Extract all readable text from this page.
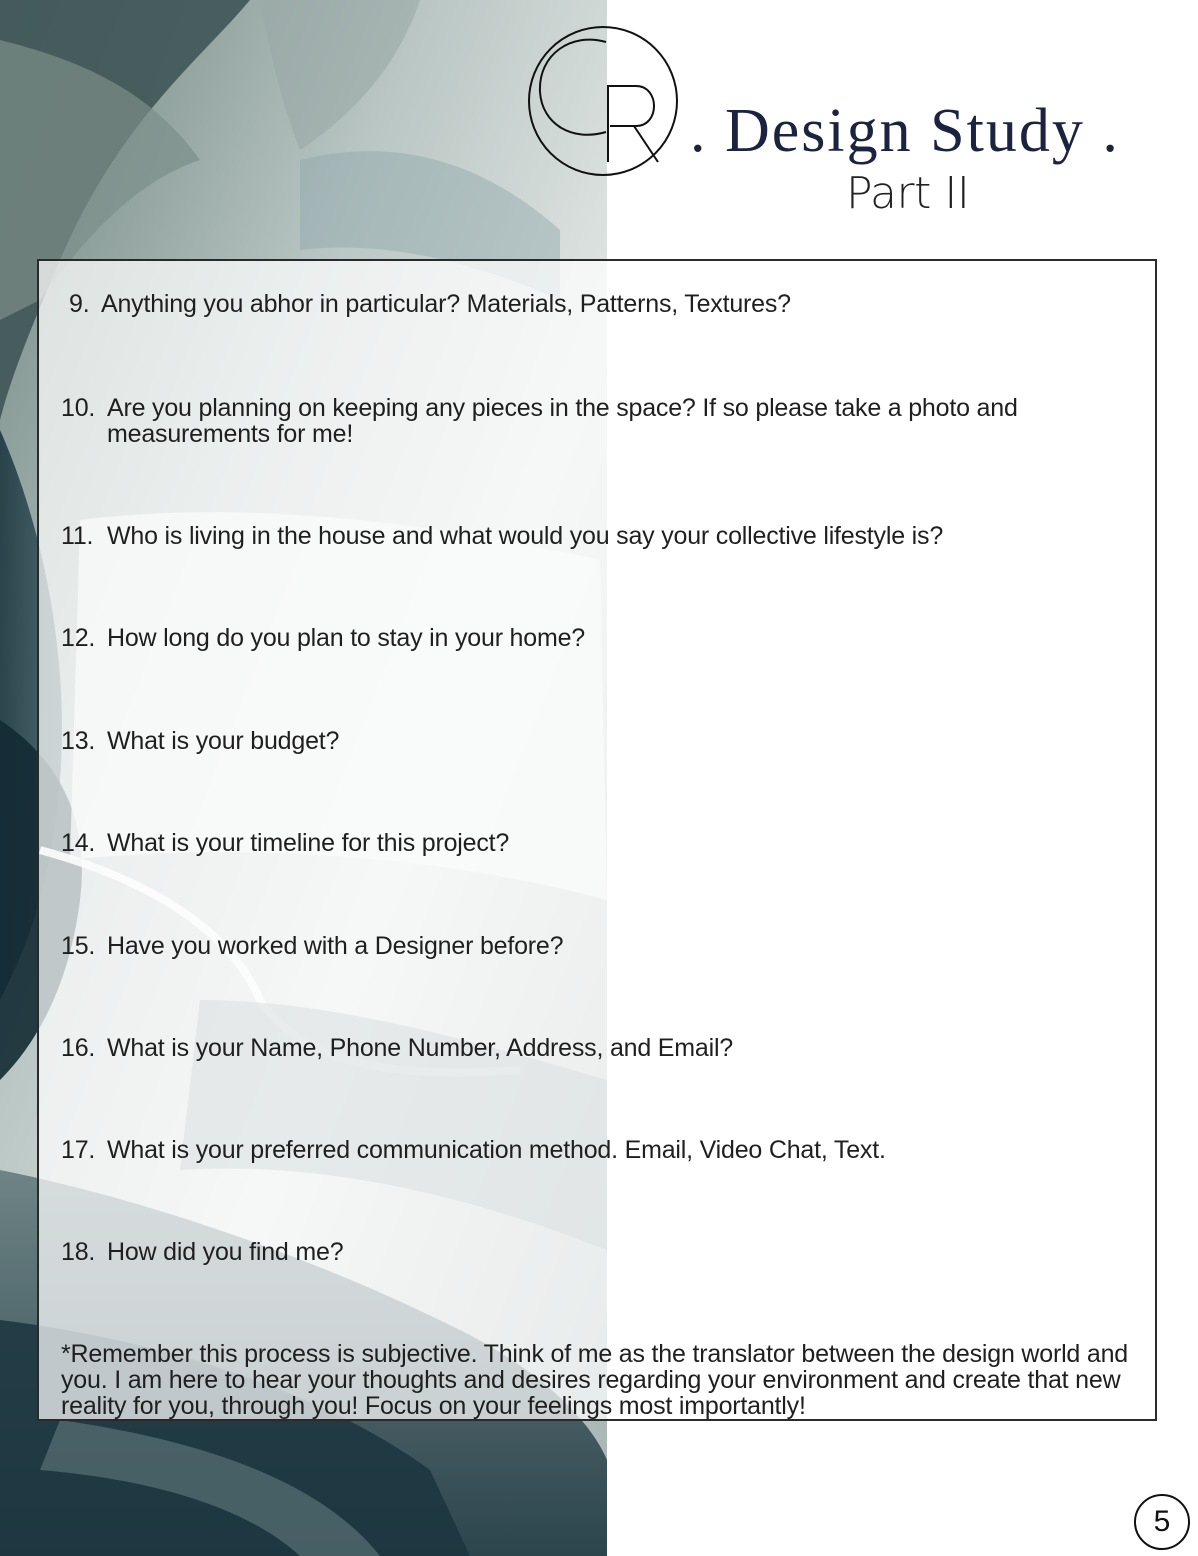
. Design Study .
Part II
9. Anything you abhor in particular? Materials, Patterns, Textures?
10. Are you planning on keeping any pieces in the space? If so please take a photo and measurements for me!
11. Who is living in the house and what would you say your collective lifestyle is?
12. How long do you plan to stay in your home?
13. What is your budget?
14. What is your timeline for this project?
15. Have you worked with a Designer before?
16. What is your Name, Phone Number, Address, and Email?
17. What is your preferred communication method. Email, Video Chat, Text.
18. How did you find me?
*Remember this process is subjective. Think of me as the translator between the design world and you. I am here to hear your thoughts and desires regarding your environment and create that new reality for you, through you! Focus on your feelings most importantly!
5
